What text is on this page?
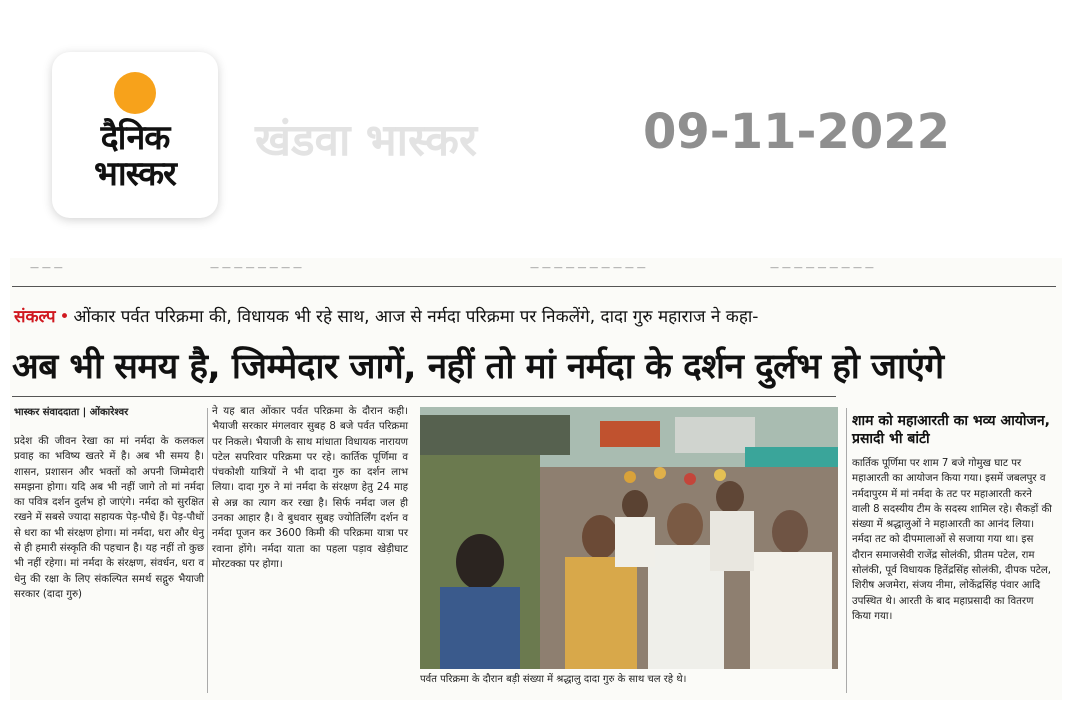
दैनिक
भास्कर
खंडवा भास्कर	09-11-2022
— — —	— — — — — — — —	— — — — — — — — — —	— — — — — — — — —
संकल्प • ओंकार पर्वत परिक्रमा की, विधायक भी रहे साथ, आज से नर्मदा परिक्रमा पर निकलेंगे, दादा गुरु महाराज ने कहा-
अब भी समय है, जिम्मेदार जागें, नहीं तो मां नर्मदा के दर्शन दुर्लभ हो जाएंगे
भास्कर संवाददाता | ओंकारेश्वर
प्रदेश की जीवन रेखा का मां नर्मदा के कलकल प्रवाह का भविष्य खतरे में है। अब भी समय है। शासन, प्रशासन और भक्तों को अपनी जिम्मेदारी समझना होगा। यदि अब भी नहीं जागे तो मां नर्मदा का पवित्र दर्शन दुर्लभ हो जाएंगे। नर्मदा को सुरक्षित रखने में सबसे ज्यादा सहायक पेड़-पौधे हैं। पेड़-पौधों से धरा का भी संरक्षण होगा। मां नर्मदा, धरा और धेनु से ही हमारी संस्कृति की पहचान है। यह नहीं तो कुछ भी नहीं रहेगा। मां नर्मदा के संरक्षण, संवर्धन, धरा व धेनु की रक्षा के लिए संकल्पित समर्थ सद्गुरु भैयाजी सरकार (दादा गुरु)
ने यह बात ओंकार पर्वत परिक्रमा के दौरान कही। भैयाजी सरकार मंगलवार सुबह 8 बजे पर्वत परिक्रमा पर निकले। भैयाजी के साथ मांधाता विधायक नारायण पटेल सपरिवार परिक्रमा पर रहे। कार्तिक पूर्णिमा व पंचकोशी यात्रियों ने भी दादा गुरु का दर्शन लाभ लिया। दादा गुरु ने मां नर्मदा के संरक्षण हेतु 24 माह से अन्न का त्याग कर रखा है। सिर्फ नर्मदा जल ही उनका आहार है। वे बुधवार सुबह ज्योतिर्लिंग दर्शन व नर्मदा पूजन कर 3600 किमी की परिक्रमा यात्रा पर रवाना होंगे। नर्मदा याता का पहला पड़ाव खेड़ीघाट मोरटक्का पर होगा।
पर्वत परिक्रमा के दौरान बड़ी संख्या में श्रद्धालु दादा गुरु के साथ चल रहे थे।
शाम को महाआरती का भव्य आयोजन, प्रसादी भी बांटी
कार्तिक पूर्णिमा पर शाम 7 बजे गोमुख घाट पर महाआरती का आयोजन किया गया। इसमें जबलपुर व नर्मदापुरम में मां नर्मदा के तट पर महाआरती करने वाली 8 सदस्यीय टीम के सदस्य शामिल रहे। सैकड़ों की संख्या में श्रद्धालुओं ने महाआरती का आनंद लिया। नर्मदा तट को दीपमालाओं से सजाया गया था। इस दौरान समाजसेवी राजेंद्र सोलंकी, प्रीतम पटेल, राम सोलंकी, पूर्व विधायक हितेंद्रसिंह सोलंकी, दीपक पटेल, शिरीष अजमेरा, संजय नीमा, लोकेंद्रसिंह पंवार आदि उपस्थित थे। आरती के बाद महाप्रसादी का वितरण किया गया।
